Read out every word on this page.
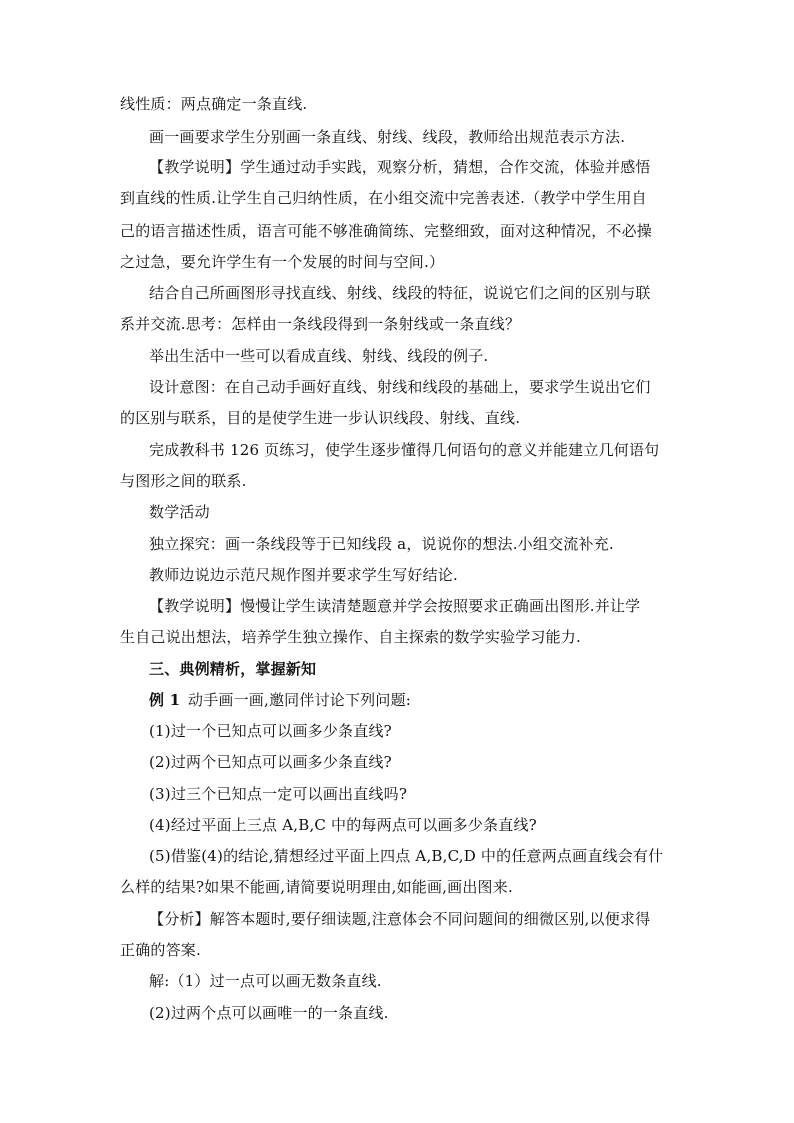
线性质：两点确定一条直线.
画一画要求学生分别画一条直线、射线、线段，教师给出规范表示方法.
【教学说明】学生通过动手实践，观察分析，猜想，合作交流，体验并感悟
到直线的性质.让学生自己归纳性质，在小组交流中完善表述.（教学中学生用自
己的语言描述性质，语言可能不够准确简练、完整细致，面对这种情况，不必操
之过急，要允许学生有一个发展的时间与空间.）
结合自己所画图形寻找直线、射线、线段的特征，说说它们之间的区别与联
系并交流.思考：怎样由一条线段得到一条射线或一条直线？
举出生活中一些可以看成直线、射线、线段的例子.
设计意图：在自己动手画好直线、射线和线段的基础上，要求学生说出它们
的区别与联系，目的是使学生进一步认识线段、射线、直线.
完成教科书 126 页练习，使学生逐步懂得几何语句的意义并能建立几何语句
与图形之间的联系.
数学活动
独立探究：画一条线段等于已知线段 a，说说你的想法.小组交流补充.
教师边说边示范尺规作图并要求学生写好结论.
【教学说明】慢慢让学生读清楚题意并学会按照要求正确画出图形.并让学
生自己说出想法，培养学生独立操作、自主探索的数学实验学习能力.
三、典例精析，掌握新知
例 1 动手画一画,邀同伴讨论下列问题:
(1)过一个已知点可以画多少条直线?
(2)过两个已知点可以画多少条直线?
(3)过三个已知点一定可以画出直线吗?
(4)经过平面上三点 A,B,C 中的每两点可以画多少条直线?
(5)借鉴(4)的结论,猜想经过平面上四点 A,B,C,D 中的任意两点画直线会有什
么样的结果?如果不能画,请简要说明理由,如能画,画出图来.
【分析】解答本题时,要仔细读题,注意体会不同问题间的细微区别,以便求得
正确的答案.
解:（1）过一点可以画无数条直线.
(2)过两个点可以画唯一的一条直线.
